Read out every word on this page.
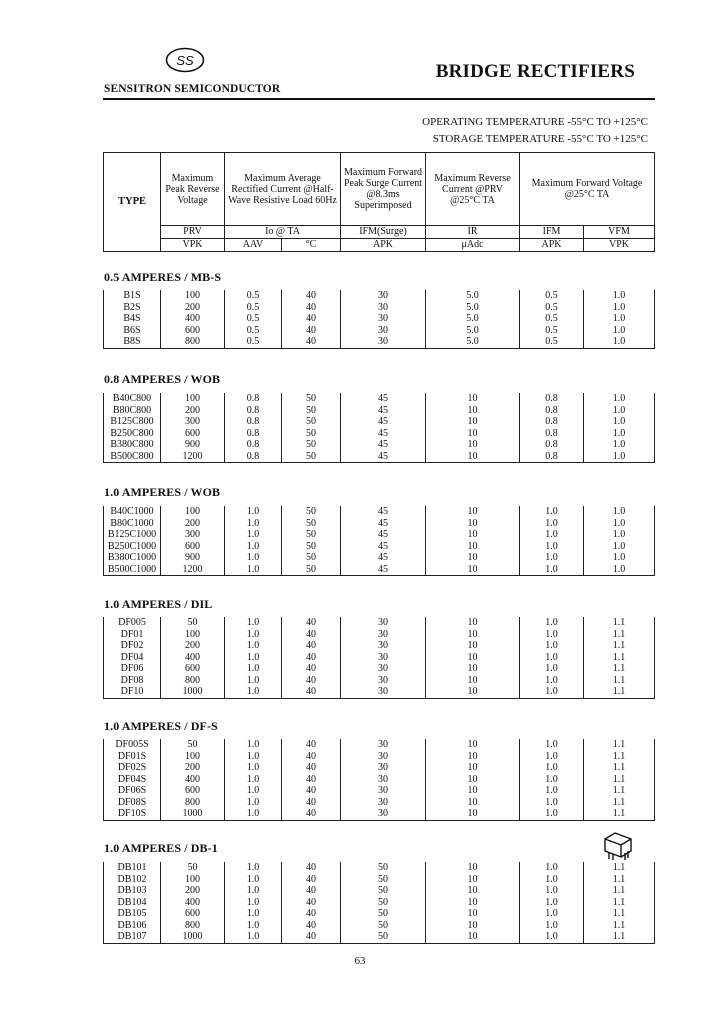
SS
SENSITRON SEMICONDUCTOR
BRIDGE RECTIFIERS
OPERATING TEMPERATURE -55°C TO +125°C
STORAGE TEMPERATURE -55°C TO +125°C
TYPE	Maximum Peak Reverse Voltage	Maximum Average Rectified Current @Half-Wave Resistive Load 60Hz		Maximum Forward Peak Surge Current @8.3ms Superimposed	Maximum Reverse Current @PRV @25°C TA	Maximum Forward Voltage @25°C TA	
	PRV	Io @ TA		IFM(Surge)	IR	IFM	VFM
	VPK	AAV	°C	APK	μAdc	APK	VPK
0.5 AMPERES / MB-S
0.8 AMPERES / WOB
1.0 AMPERES / WOB
1.0 AMPERES / DIL
1.0 AMPERES / DF-S
1.0 AMPERES / DB-1
B1S	100	0.5	40	30	5.0	0.5	1.0
B2S	200	0.5	40	30	5.0	0.5	1.0
B4S	400	0.5	40	30	5.0	0.5	1.0
B6S	600	0.5	40	30	5.0	0.5	1.0
B8S	800	0.5	40	30	5.0	0.5	1.0
B40C800	100	0.8	50	45	10	0.8	1.0
B80C800	200	0.8	50	45	10	0.8	1.0
B125C800	300	0.8	50	45	10	0.8	1.0
B250C800	600	0.8	50	45	10	0.8	1.0
B380C800	900	0.8	50	45	10	0.8	1.0
B500C800	1200	0.8	50	45	10	0.8	1.0
B40C1000	100	1.0	50	45	10	1.0	1.0
B80C1000	200	1.0	50	45	10	1.0	1.0
B125C1000	300	1.0	50	45	10	1.0	1.0
B250C1000	600	1.0	50	45	10	1.0	1.0
B380C1000	900	1.0	50	45	10	1.0	1.0
B500C1000	1200	1.0	50	45	10	1.0	1.0
DF005	50	1.0	40	30	10	1.0	1.1
DF01	100	1.0	40	30	10	1.0	1.1
DF02	200	1.0	40	30	10	1.0	1.1
DF04	400	1.0	40	30	10	1.0	1.1
DF06	600	1.0	40	30	10	1.0	1.1
DF08	800	1.0	40	30	10	1.0	1.1
DF10	1000	1.0	40	30	10	1.0	1.1
DF005S	50	1.0	40	30	10	1.0	1.1
DF01S	100	1.0	40	30	10	1.0	1.1
DF02S	200	1.0	40	30	10	1.0	1.1
DF04S	400	1.0	40	30	10	1.0	1.1
DF06S	600	1.0	40	30	10	1.0	1.1
DF08S	800	1.0	40	30	10	1.0	1.1
DF10S	1000	1.0	40	30	10	1.0	1.1
DB101	50	1.0	40	50	10	1.0	1.1
DB102	100	1.0	40	50	10	1.0	1.1
DB103	200	1.0	40	50	10	1.0	1.1
DB104	400	1.0	40	50	10	1.0	1.1
DB105	600	1.0	40	50	10	1.0	1.1
DB106	800	1.0	40	50	10	1.0	1.1
DB107	1000	1.0	40	50	10	1.0	1.1
63
